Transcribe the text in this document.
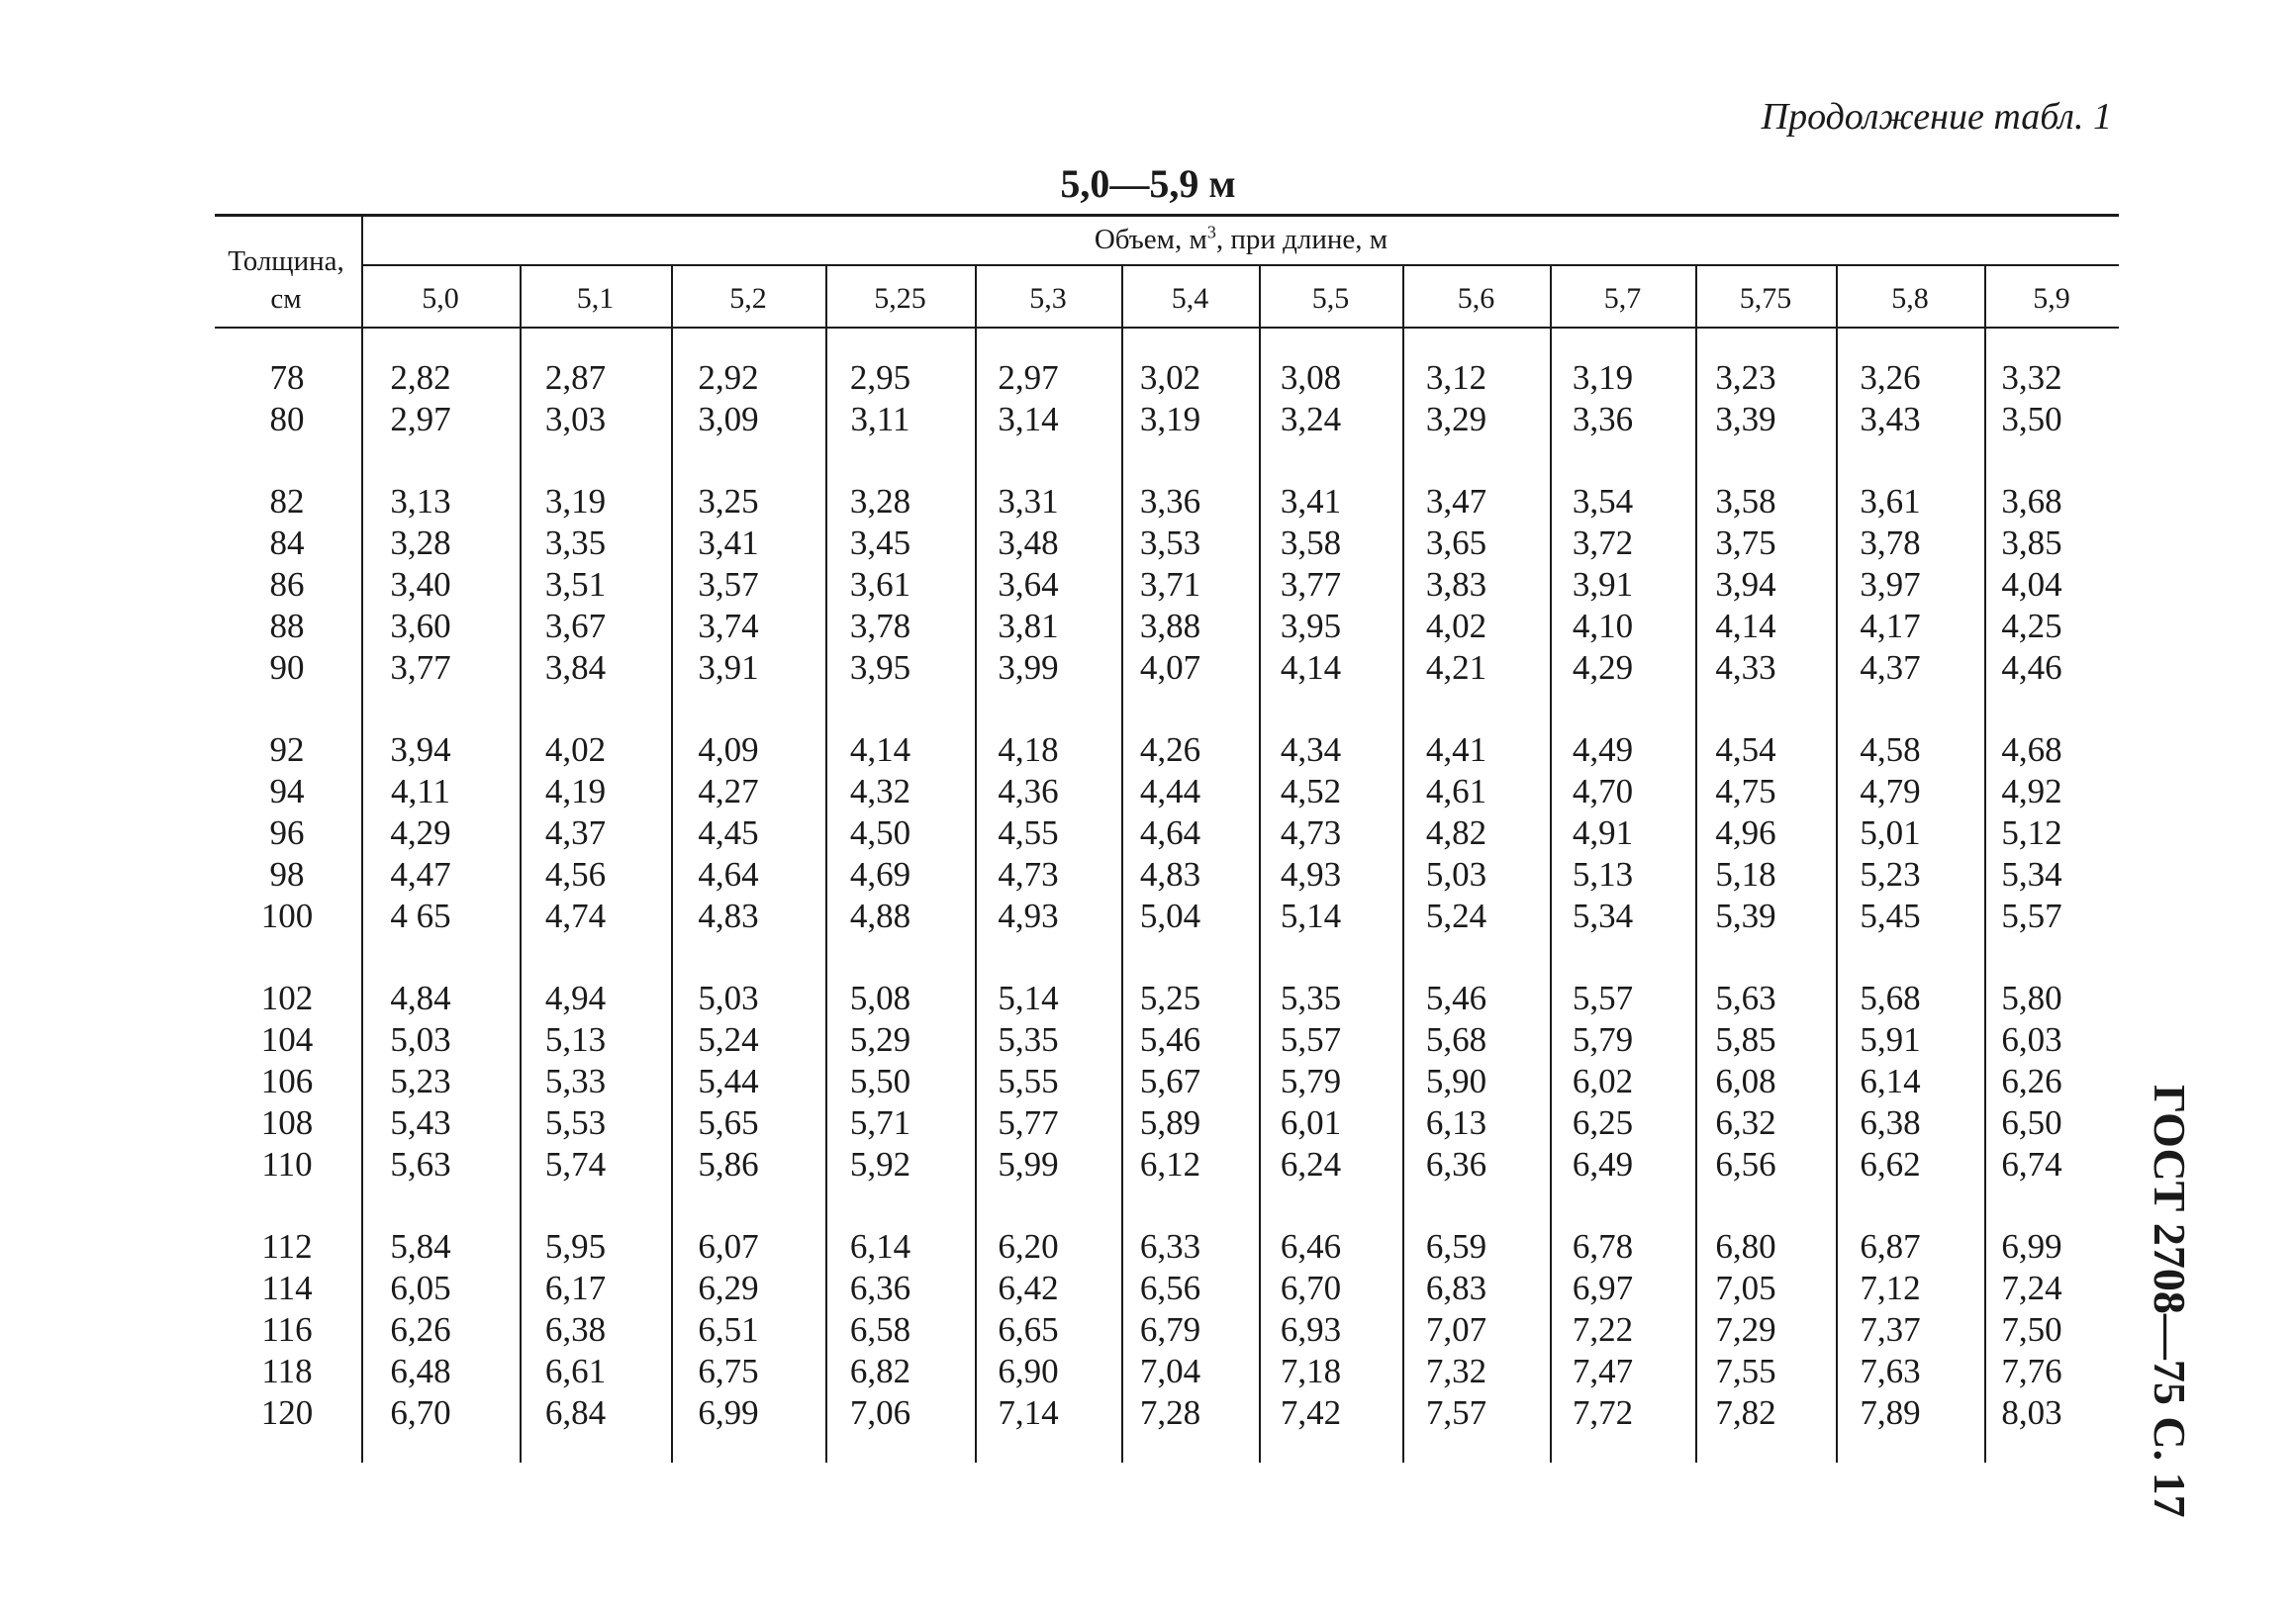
Продолжение табл. 1
5,0—5,9 м
ГОСТ 2708—75 С. 17
Толщина,
см
Объем, $м^3$, при длине, м
5,0	5,1	5,2	5,25	5,3	5,4	5,5	5,6	5,7	5,75	5,8	5,9
78	2,82	2,87	2,92	2,95	2,97	3,02	3,08	3,12	3,19	3,23	3,26	3,32
80	2,97	3,03	3,09	3,11	3,14	3,19	3,24	3,29	3,36	3,39	3,43	3,50
82	3,13	3,19	3,25	3,28	3,31	3,36	3,41	3,47	3,54	3,58	3,61	3,68
84	3,28	3,35	3,41	3,45	3,48	3,53	3,58	3,65	3,72	3,75	3,78	3,85
86	3,40	3,51	3,57	3,61	3,64	3,71	3,77	3,83	3,91	3,94	3,97	4,04
88	3,60	3,67	3,74	3,78	3,81	3,88	3,95	4,02	4,10	4,14	4,17	4,25
90	3,77	3,84	3,91	3,95	3,99	4,07	4,14	4,21	4,29	4,33	4,37	4,46
92	3,94	4,02	4,09	4,14	4,18	4,26	4,34	4,41	4,49	4,54	4,58	4,68
94	4,11	4,19	4,27	4,32	4,36	4,44	4,52	4,61	4,70	4,75	4,79	4,92
96	4,29	4,37	4,45	4,50	4,55	4,64	4,73	4,82	4,91	4,96	5,01	5,12
98	4,47	4,56	4,64	4,69	4,73	4,83	4,93	5,03	5,13	5,18	5,23	5,34
100	4 65	4,74	4,83	4,88	4,93	5,04	5,14	5,24	5,34	5,39	5,45	5,57
102	4,84	4,94	5,03	5,08	5,14	5,25	5,35	5,46	5,57	5,63	5,68	5,80
104	5,03	5,13	5,24	5,29	5,35	5,46	5,57	5,68	5,79	5,85	5,91	6,03
106	5,23	5,33	5,44	5,50	5,55	5,67	5,79	5,90	6,02	6,08	6,14	6,26
108	5,43	5,53	5,65	5,71	5,77	5,89	6,01	6,13	6,25	6,32	6,38	6,50
110	5,63	5,74	5,86	5,92	5,99	6,12	6,24	6,36	6,49	6,56	6,62	6,74
112	5,84	5,95	6,07	6,14	6,20	6,33	6,46	6,59	6,78	6,80	6,87	6,99
114	6,05	6,17	6,29	6,36	6,42	6,56	6,70	6,83	6,97	7,05	7,12	7,24
116	6,26	6,38	6,51	6,58	6,65	6,79	6,93	7,07	7,22	7,29	7,37	7,50
118	6,48	6,61	6,75	6,82	6,90	7,04	7,18	7,32	7,47	7,55	7,63	7,76
120	6,70	6,84	6,99	7,06	7,14	7,28	7,42	7,57	7,72	7,82	7,89	8,03
